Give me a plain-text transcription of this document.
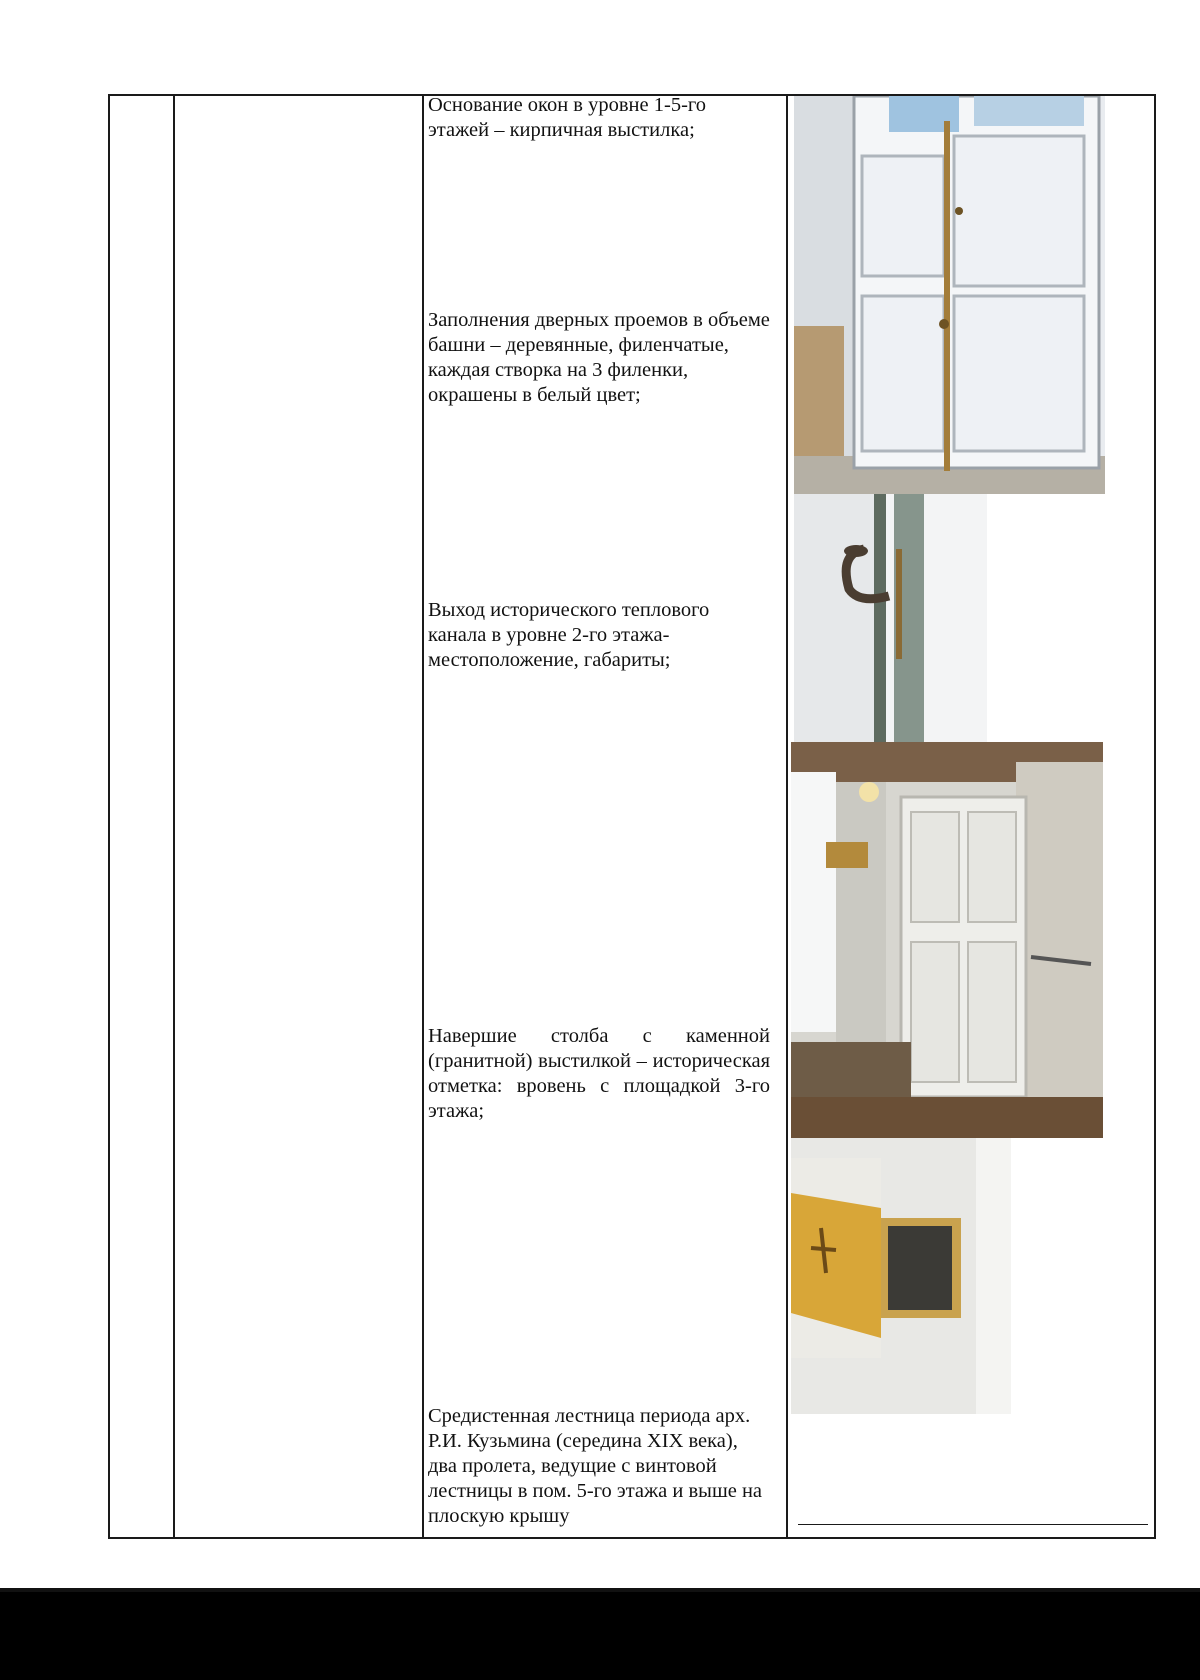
Основание окон в уровне 1-5-го этажей – кирпичная выстилка;
Заполнения дверных проемов в объеме башни – деревянные, филенчатые, каждая створка на 3 филенки, окрашены в белый цвет;
Выход исторического теплового канала в уровне 2-го этажа-местоположение, габариты;
Навершие столба с каменной (гранитной) выстилкой – историческая отметка: вровень с площадкой 3-го этажа;
Средистенная лестница периода арх. Р.И. Кузьмина (середина XIX века), два пролета, ведущие с винтовой лестницы в пом. 5-го этажа и выше на плоскую крышу
